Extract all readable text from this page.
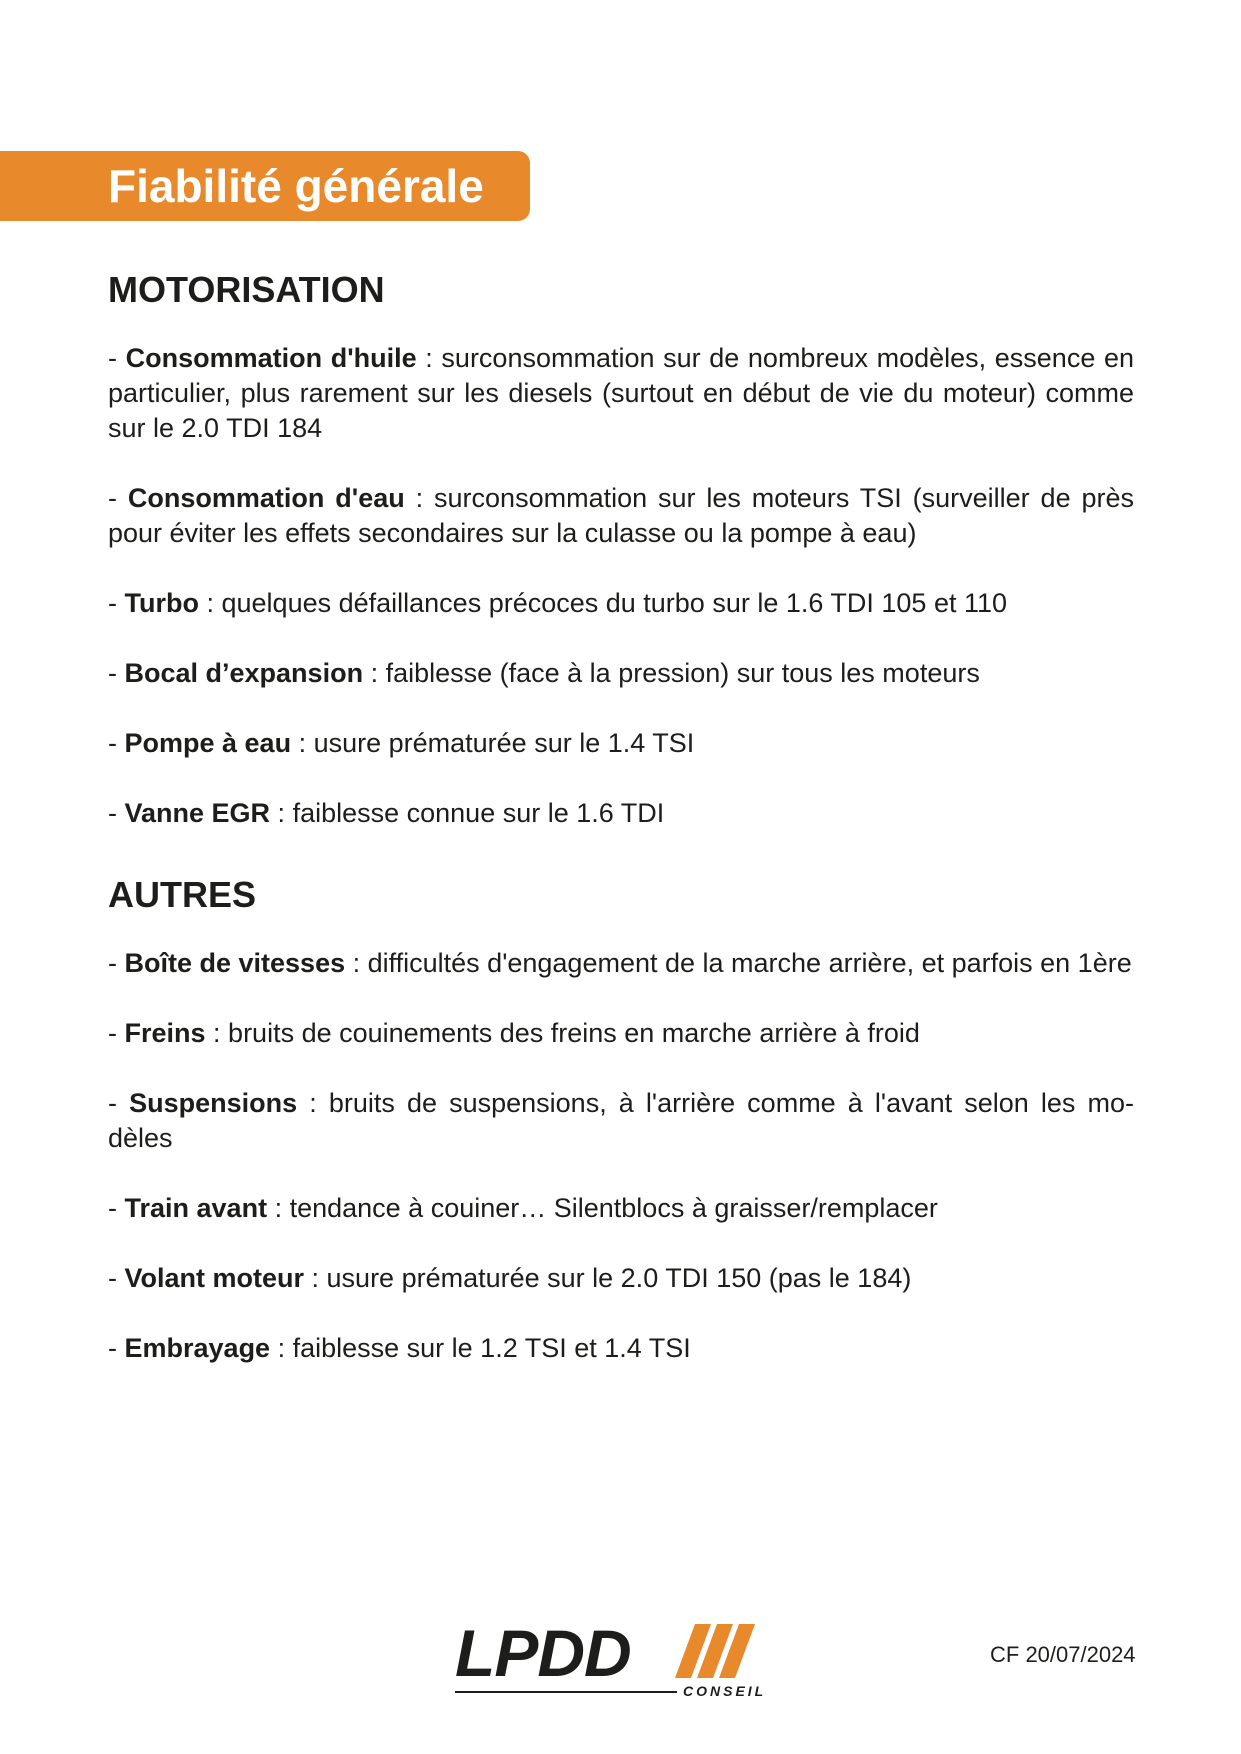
Fiabilité générale
MOTORISATION

- Consommation d'huile : surconsommation sur de nombreux modèles, essence en particulier, plus rarement sur les diesels (surtout en début de vie du moteur) comme sur le 2.0 TDI 184

- Consommation d'eau : surconsommation sur les moteurs TSI (surveiller de près pour éviter les effets secondaires sur la culasse ou la pompe à eau)

- Turbo : quelques défaillances précoces du turbo sur le 1.6 TDI 105 et 110

- Bocal d’expansion : faiblesse (face à la pression) sur tous les moteurs

- Pompe à eau : usure prématurée sur le 1.4 TSI

- Vanne EGR : faiblesse connue sur le 1.6 TDI

AUTRES

- Boîte de vitesses : difficultés d'engagement de la marche arrière, et parfois en 1ère

- Freins : bruits de couinements des freins en marche arrière à froid

- Suspensions : bruits de suspensions, à l'arrière comme à l'avant selon les mo-dèles

- Train avant : tendance à couiner… Silentblocs à graisser/remplacer

- Volant moteur : usure prématurée sur le 2.0 TDI 150 (pas le 184)

- Embrayage : faiblesse sur le 1.2 TSI et 1.4 TSI

LPDD
CONSEIL
CF 20/07/2024
